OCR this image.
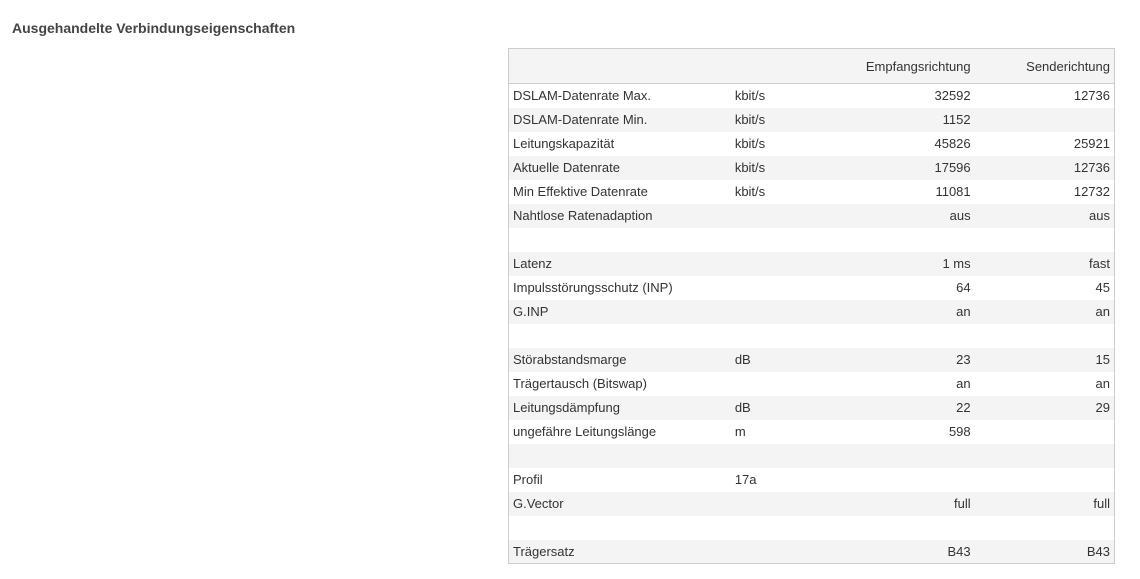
Ausgehandelte Verbindungseigenschaften
		Empfangsrichtung	Senderichtung
DSLAM-Datenrate Max.	kbit/s	32592	12736
DSLAM-Datenrate Min.	kbit/s	1152	
Leitungskapazität	kbit/s	45826	25921
Aktuelle Datenrate	kbit/s	17596	12736
Min Effektive Datenrate	kbit/s	11081	12732
Nahtlose Ratenadaption		aus	aus

Latenz		1 ms	fast
Impulsstörungsschutz (INP)		64	45
G.INP		an	an

Störabstandsmarge	dB	23	15
Trägertausch (Bitswap)		an	an
Leitungsdämpfung	dB	22	29
ungefähre Leitungslänge	m	598	

Profil	17a		
G.Vector		full	full

Trägersatz		B43	B43
